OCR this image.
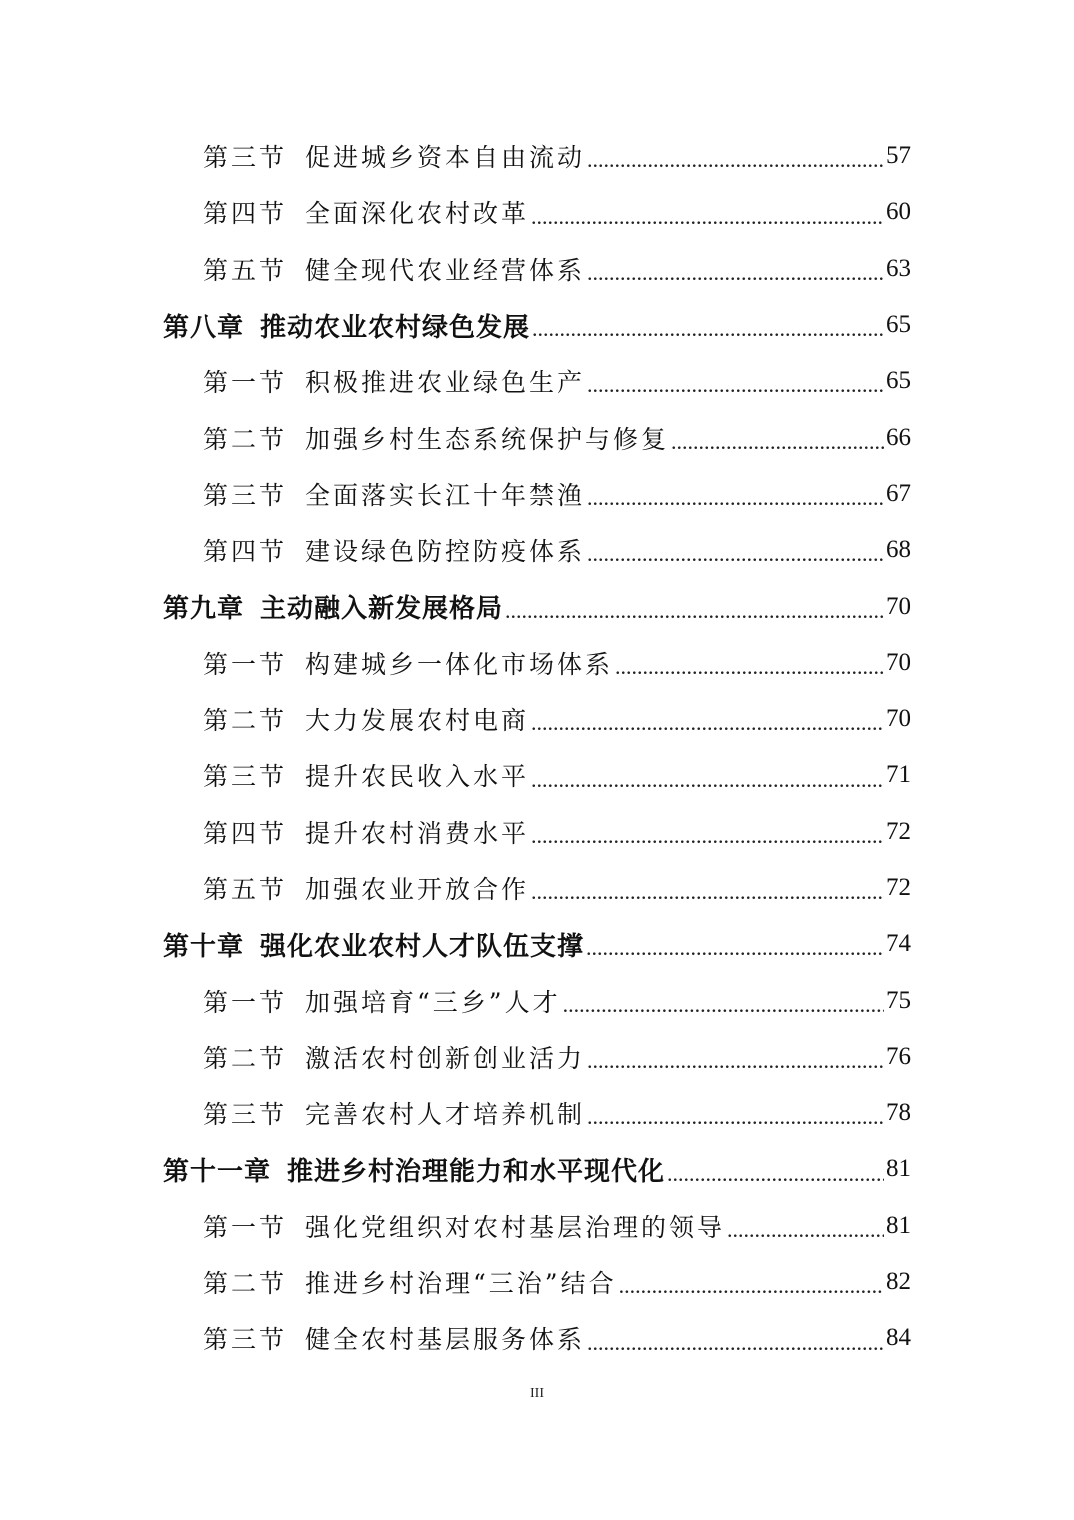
第三节 促进城乡资本自由流动 .....	57
第四节 全面深化农村改革 .....	60
第五节 健全现代农业经营体系 .....	63
第八章 推动农业农村绿色发展 .....	65
第一节 积极推进农业绿色生产 .....	65
第二节 加强乡村生态系统保护与修复 .....	66
第三节 全面落实长江十年禁渔 .....	67
第四节 建设绿色防控防疫体系 .....	68
第九章 主动融入新发展格局 .....	70
第一节 构建城乡一体化市场体系 .....	70
第二节 大力发展农村电商 .....	70
第三节 提升农民收入水平 .....	71
第四节 提升农村消费水平 .....	72
第五节 加强农业开放合作 .....	72
第十章 强化农业农村人才队伍支撑 .....	74
第一节 加强培育“三乡”人才 .....	75
第二节 激活农村创新创业活力 .....	76
第三节 完善农村人才培养机制 .....	78
第十一章 推进乡村治理能力和水平现代化 .....	81
第一节 强化党组织对农村基层治理的领导 .....	81
第二节 推进乡村治理“三治”结合 .....	82
第三节 健全农村基层服务体系 .....	84
III
